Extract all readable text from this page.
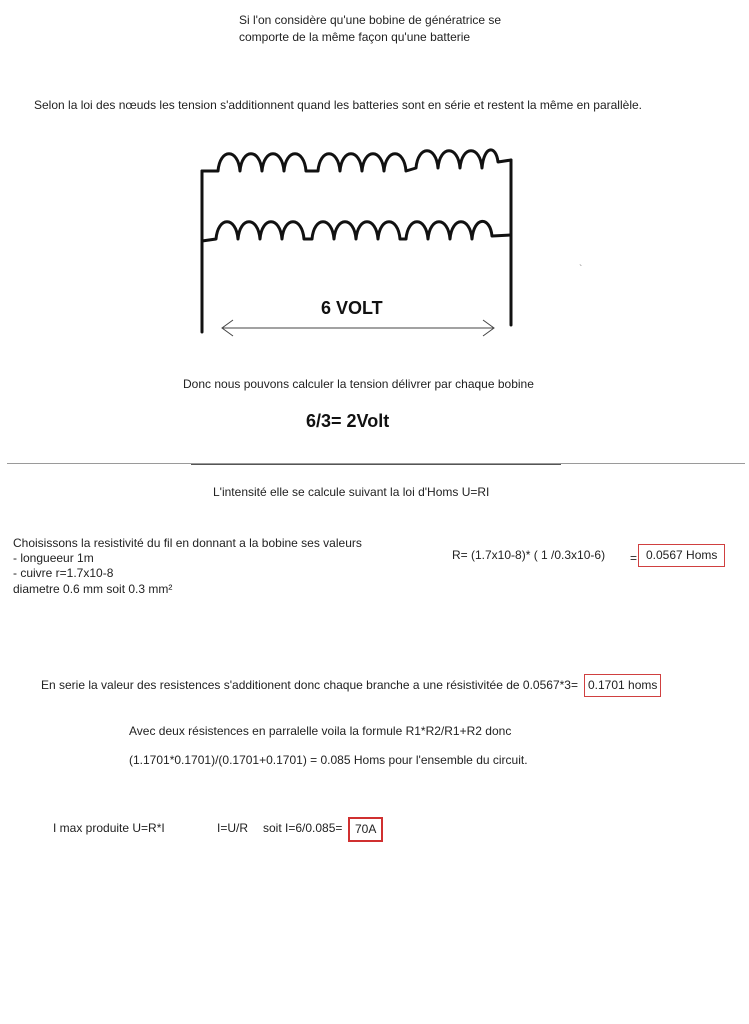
Si l'on considère qu'une bobine de génératrice se
comporte de la même façon qu'une batterie
Selon la loi des nœuds les tension s'additionnent quand les batteries sont en série et restent la même en parallèle.
6 VOLT
`
Donc nous pouvons calculer la tension délivrer par chaque bobine
6/3= 2Volt
L'intensité elle se calcule suivant la loi d'Homs U=RI
Choisissons la resistivité du fil en donnant a la bobine ses valeurs
- longueeur 1m
- cuivre r=1.7x10-8
diametre 0.6 mm soit 0.3 mm²
R= (1.7x10-8)* ( 1 /0.3x10-6) = 0.0567 Homs
En serie la valeur des resistences s'additionent donc chaque branche a une résistivitée de 0.0567*3= 0.1701 homs
Avec deux résistences en parralelle voila la formule R1*R2/R1+R2 donc
(1.1701*0.1701)/(0.1701+0.1701) = 0.085 Homs pour l'ensemble du circuit.
I max produite U=R*I	I=U/R soit I=6/0.085=	70A
